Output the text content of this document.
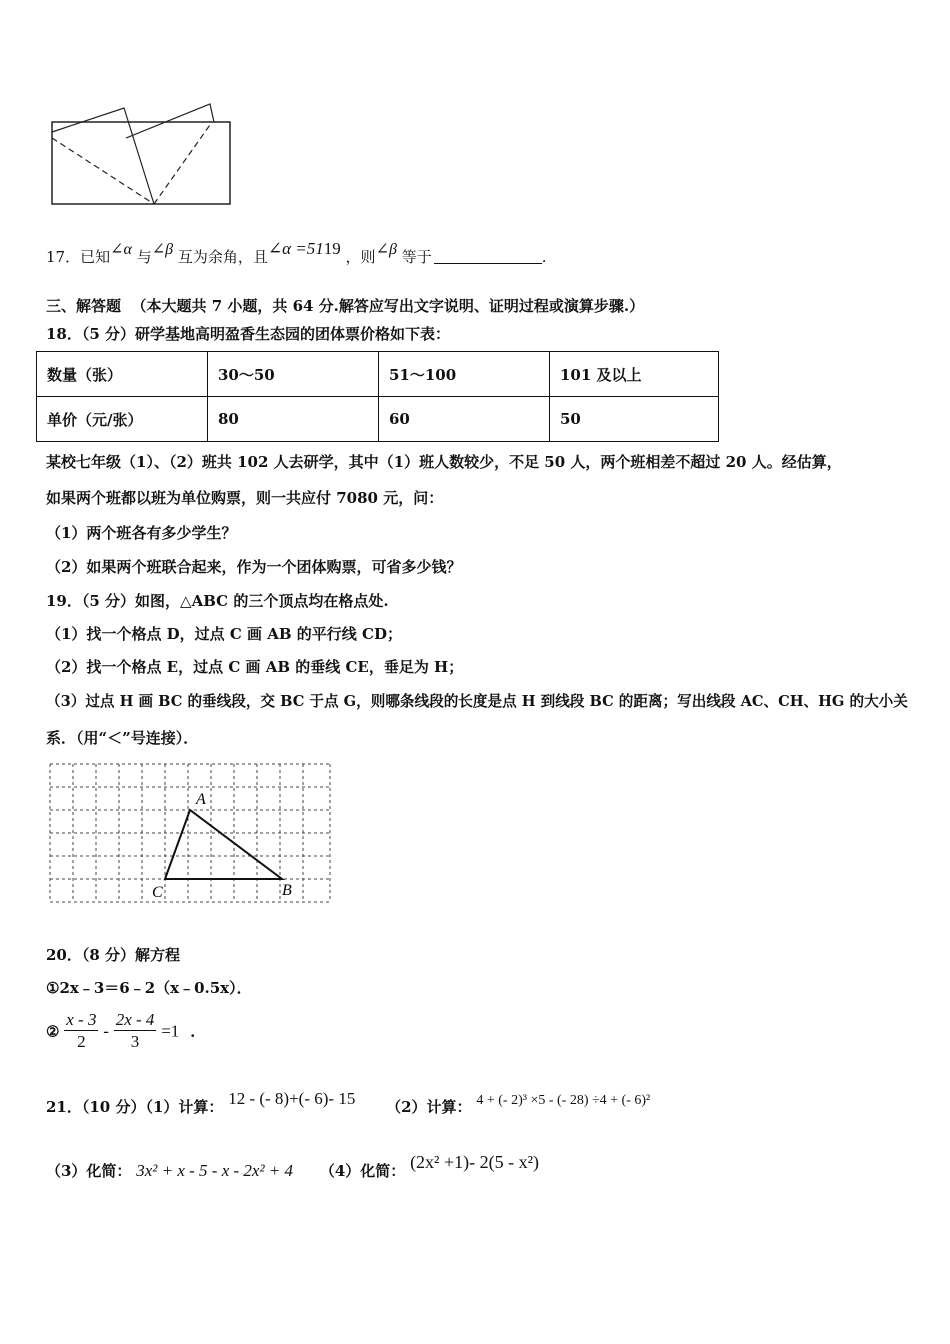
17．已知∠α 与∠β 互为余角，且∠α =5119 ，则∠β 等于	.
三、解答题 （本大题共 7 小题，共 64 分.解答应写出文字说明、证明过程或演算步骤.）
18．（5 分）研学基地高明盈香生态园的团体票价格如下表：
数量（张）	30～50	51～100	101 及以上
单价（元/张）	80	60	50
某校七年级（1）、（2）班共 102 人去研学，其中（1）班人数较少，不足 50 人，两个班相差不超过 20 人。经估算，
如果两个班都以班为单位购票，则一共应付 7080 元，问：
（1）两个班各有多少学生？
（2）如果两个班联合起来，作为一个团体购票，可省多少钱？
19．（5 分）如图，△ABC 的三个顶点均在格点处.
（1）找一个格点 D，过点 C 画 AB 的平行线 CD；
（2）找一个格点 E，过点 C 画 AB 的垂线 CE，垂足为 H；
（3）过点 H 画 BC 的垂线段，交 BC 于点 G，则哪条线段的长度是点 H 到线段 BC 的距离；写出线段 AC、CH、HG 的大小关
系．（用“＜”号连接）．
A
C	B
20．（8 分）解方程
①2x﹣3＝6﹣2（x﹣0.5x）．
② $\frac{x - 3}{2} - \frac{2x - 4}{3} =1$ .
21．（10 分）（1）计算： 12 - (- 8)+(- 6)- 15 （2）计算： 4 + (- 2)³ ×5 - (- 28) ÷4 + (- 6)²
（3）化简： 3x² + x - 5 - x - 2x² + 4 （4）化简： (2x² +1)- 2(5 - x²)
